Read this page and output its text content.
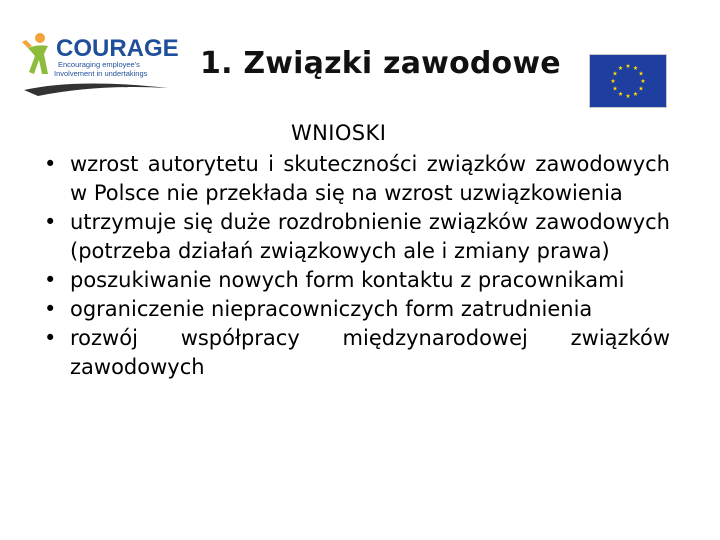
COURAGE
Encouraging employee's
Involvement in undertakings 1. Związki zawodowe
WNIOSKI
• wzrost autorytetu i skuteczności związków zawodowych w Polsce nie przekłada się na wzrost uzwiązkowienia
• utrzymuje się duże rozdrobnienie związków zawodowych (potrzeba działań związkowych ale i zmiany prawa)
• poszukiwanie nowych form kontaktu z pracownikami
• ograniczenie niepracowniczych form zatrudnienia
• rozwój współpracy międzynarodowej związków zawodowych
